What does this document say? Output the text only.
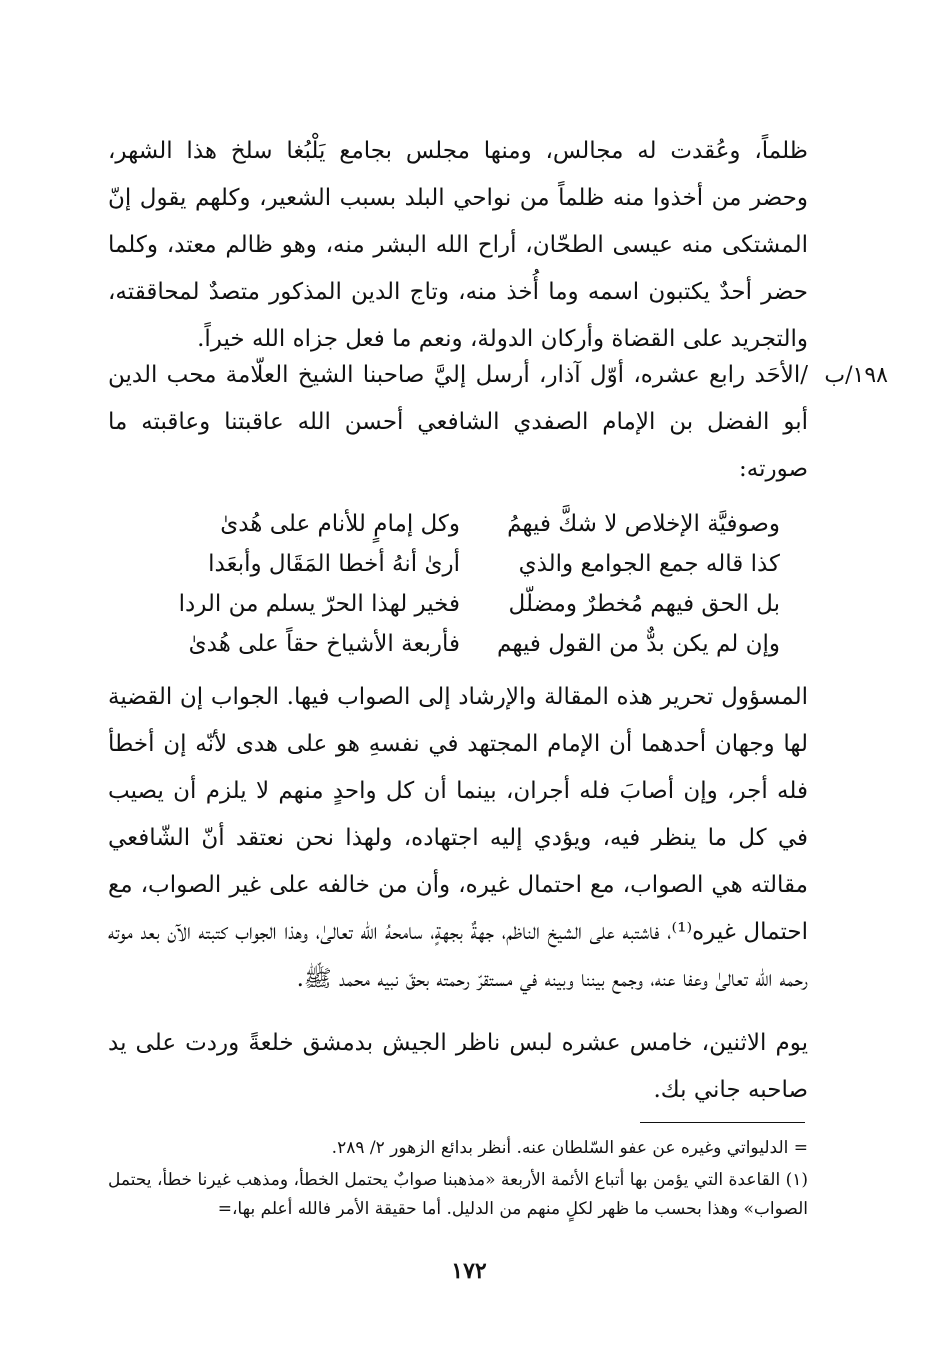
ظلماً، وعُقدت له مجالس، ومنها مجلس بجامع يَلْبُغا سلخ هذا الشهر، وحضر من أخذوا منه ظلماً من نواحي البلد بسبب الشعير، وكلهم يقول إنّ المشتكى منه عيسى الطحّان، أراح الله البشر منه، وهو ظالم معتد، وكلما حضر أحدٌ يكتبون اسمه وما أُخذ منه، وتاج الدين المذكور متصدٌ لمحاققته، والتجريد على القضاة وأركان الدولة، ونعم ما فعل جزاه الله خيراً.

١٩٨/ب

/الأحَد رابع عشره، أوّل آذار، أرسل إليَّ صاحبنا الشيخ العلّامة محب الدين أبو الفضل بن الإمام الصفدي الشافعي أحسن الله عاقبتنا وعاقبته ما صورته:

وصوفيَّة الإخلاص لا شكَّ فيهمُ
وكل إمامٍ للأنام على هُدىٰ
كذا قاله جمع الجوامع والذي
أرىٰ أنهُ أخطا المَقَال وأبعَدا
بل الحق فيهم مُخطرٌ ومضلّل
فخير لهذا الحرّ يسلم من الردا
وإن لم يكن بدٌّ من القول فيهم
فأربعة الأشياخ حقاً على هُدىٰ

المسؤول تحرير هذه المقالة والإرشاد إلى الصواب فيها. الجواب إن القضية لها وجهان أحدهما أن الإمام المجتهد في نفسهِ هو على هدى لأنّه إن أخطأ فله أجر، وإن أصابَ فله أجران، بينما أن كل واحدٍ منهم لا يلزم أن يصيب في كل ما ينظر فيه، ويؤدي إليه اجتهاده، ولهذا نحن نعتقد أنّ الشّافعي مقالته هي الصواب، مع احتمال غيره، وأن من خالفه على غير الصواب، مع احتمال غيره⁽¹⁾، فاشتبه على الشيخ الناظم، جهةٌ بجهةٍ، سامحهُ الله تعالىٰ، وهذا الجواب كتبته الآن بعد موته رحمه الله تعالىٰ وعفا عنه، وجمع بيننا وبينه في مستقرّ رحمته بحقّ نبيه محمد ﷺ.

يوم الاثنين، خامس عشره لبس ناظر الجيش بدمشق خلعةً وردت على يد صاحبه جاني بك.

= الدليواتي وغيره عن عفو السّلطان عنه. أنظر بدائع الزهور ٢/ ٢٨٩.

(١) القاعدة التي يؤمن بها أتباع الأئمة الأربعة «مذهبنا صوابٌ يحتمل الخطأ، ومذهب غيرنا خطأ، يحتمل الصواب» وهذا بحسب ما ظهر لكلٍ منهم من الدليل. أما حقيقة الأمر فالله أعلم بها،=

١٧٢
